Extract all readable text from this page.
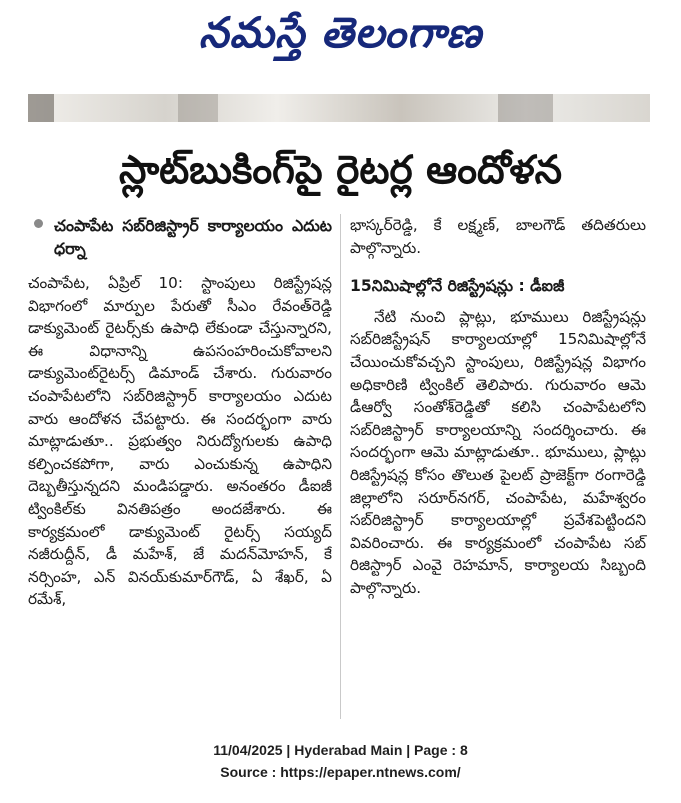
నమస్తే తెలంగాణ
స్లాట్‌బుకింగ్‌పై రైటర్ల ఆందోళన
చంపాపేట సబ్‌రిజిస్ట్రార్ కార్యాలయం ఎదుట ధర్నా

చంపాపేట, ఏప్రిల్ 10: స్టాంపులు రిజిస్ట్రేషన్ల విభాగంలో మార్పుల పేరుతో సీఎం రేవంత్‌రెడ్డి డాక్యుమెంట్ రైటర్స్‌కు ఉపాధి లేకుండా చేస్తున్నారని, ఈ విధానాన్ని ఉపసంహరించుకోవాలని డాక్యుమెంట్‌రైటర్స్ డిమాండ్ చేశారు. గురువారం చంపాపేటలోని సబ్‌రిజిస్ట్రార్ కార్యాలయం ఎదుట వారు ఆందోళన చేపట్టారు. ఈ సందర్భంగా వారు మాట్లాడుతూ.. ప్రభుత్వం నిరుద్యోగులకు ఉపాధి కల్పించకపోగా, వారు ఎంచుకున్న ఉపాధిని దెబ్బతీస్తున్నదని మండిపడ్డారు. అనంతరం డీఐజీ ట్వింకిల్‌కు వినతిపత్రం అందజేశారు. ఈ కార్యక్రమంలో డాక్యుమెంట్ రైటర్స్ సయ్యద్ నజీరుద్దీన్, డీ మహేశ్, జే మదన్‌మోహన్, కే నర్సింహ, ఎన్ వినయ్‌కుమార్‌గౌడ్, ఏ శేఖర్, ఏ రమేశ్,

భాస్కర్‌రెడ్డి, కే లక్ష్మణ్, బాలగౌడ్ తదితరులు పాల్గొన్నారు.

15నిమిషాల్లోనే రిజిస్ట్రేషన్లు : డీఐజీ

నేటి నుంచి ప్లాట్లు, భూములు రిజిస్ట్రేషన్లు సబ్‌రిజిస్ట్రేషన్ కార్యాలయాల్లో 15నిమిషాల్లోనే చేయించుకోవచ్చని స్టాంపులు, రిజిస్ట్రేషన్ల విభాగం అధికారిణి ట్వింకిల్ తెలిపారు. గురువారం ఆమె డీఆర్వో సంతోశ్‌రెడ్డితో కలిసి చంపాపేటలోని సబ్‌రిజిస్ట్రార్ కార్యాలయాన్ని సందర్శించారు. ఈ సందర్భంగా ఆమె మాట్లాడుతూ.. భూములు, ప్లాట్లు రిజిస్ట్రేషన్ల కోసం తొలుత పైలట్ ప్రాజెక్ట్‌గా రంగారెడ్డి జిల్లాలోని సరూర్‌నగర్, చంపాపేట, మహేశ్వరం సబ్‌రిజిస్ట్రార్ కార్యాలయాల్లో ప్రవేశపెట్టిందని వివరించారు. ఈ కార్యక్రమంలో చంపాపేట సబ్ రిజిస్ట్రార్ ఎంవై రెహమాన్, కార్యాలయ సిబ్బంది పాల్గొన్నారు.

11/04/2025 | Hyderabad Main | Page : 8
Source : https://epaper.ntnews.com/
